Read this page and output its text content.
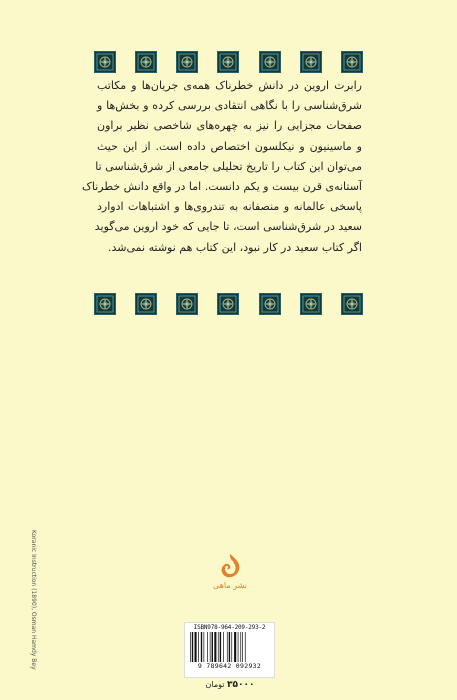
رابرت اروین در دانش خطرناک همه‌ی جریان‌ها و مکاتب
شرق‌شناسی را با نگاهی انتقادی بررسی کرده و بخش‌ها و
صفحات مجزایی را نیز به چهره‌های شاخصی نظیر براون
و ماسینیون و نیکلسون اختصاص داده است. از این حیث
می‌توان این کتاب را تاریخ تحلیلی جامعی از شرق‌شناسی تا
آستانه‌ی قرن بیست و یکم دانست. اما در واقع دانش خطرناک
پاسخی عالمانه و منصفانه به تندروی‌ها و اشتباهات ادوارد
سعید در شرق‌شناسی است، تا جایی که خود اروین می‌گوید
اگر کتاب سعید در کار نبود، این کتاب هم نوشته نمی‌شد.
Koranic Instruction (1890), Osman Hamdy Bey	نشر ماهی
ISBN978-964-209-293-2
9 789642 092932
۳۵۰۰۰ تومان
